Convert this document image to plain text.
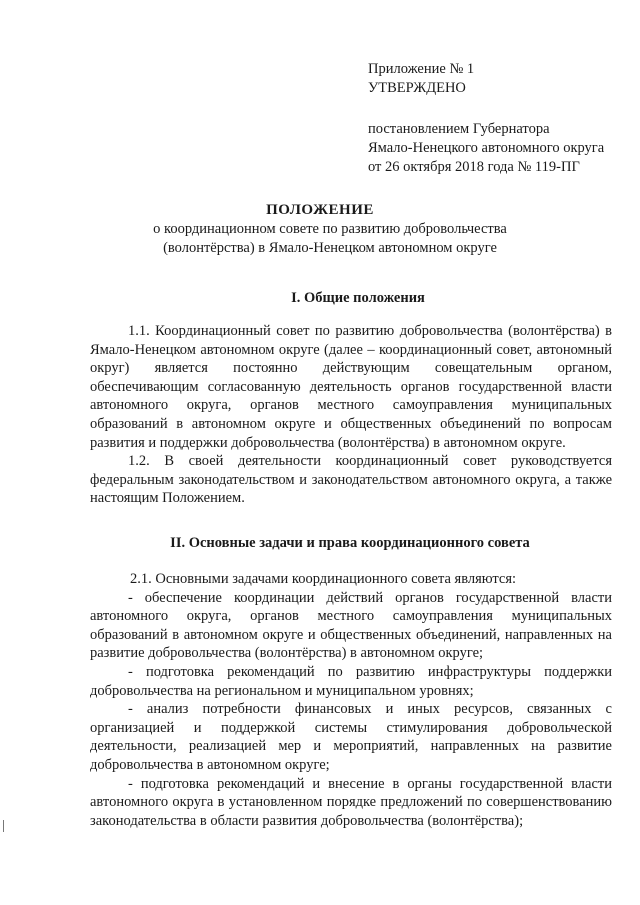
Приложение № 1
УТВЕРЖДЕНО
постановлением Губернатора
Ямало-Ненецкого автономного округа
от 26 октября 2018 года № 119-ПГ
ПОЛОЖЕНИЕ
о координационном совете по развитию добровольчества
(волонтёрства) в Ямало-Ненецком автономном округе
I. Общие положения

1.1. Координационный совет по развитию добровольчества (волонтёрства) в Ямало-Ненецком автономном округе (далее – координационный совет, автономный округ) является постоянно действующим совещательным органом, обеспечивающим согласованную деятельность органов государственной власти автономного округа, органов местного самоуправления муниципальных образований в автономном округе и общественных объединений по вопросам развития и поддержки добровольчества (волонтёрства) в автономном округе.

1.2. В своей деятельности координационный совет руководствуется федеральным законодательством и законодательством автономного округа, а также настоящим Положением.

II. Основные задачи и права координационного совета

2.1. Основными задачами координационного совета являются:

- обеспечение координации действий органов государственной власти автономного округа, органов местного самоуправления муниципальных образований в автономном округе и общественных объединений, направленных на развитие добровольчества (волонтёрства) в автономном округе;

- подготовка рекомендаций по развитию инфраструктуры поддержки добровольчества на региональном и муниципальном уровнях;

- анализ потребности финансовых и иных ресурсов, связанных с организацией и поддержкой системы стимулирования добровольческой деятельности, реализацией мер и мероприятий, направленных на развитие добровольчества в автономном округе;

- подготовка рекомендаций и внесение в органы государственной власти автономного округа в установленном порядке предложений по совершенствованию законодательства в области развития добровольчества (волонтёрства);
